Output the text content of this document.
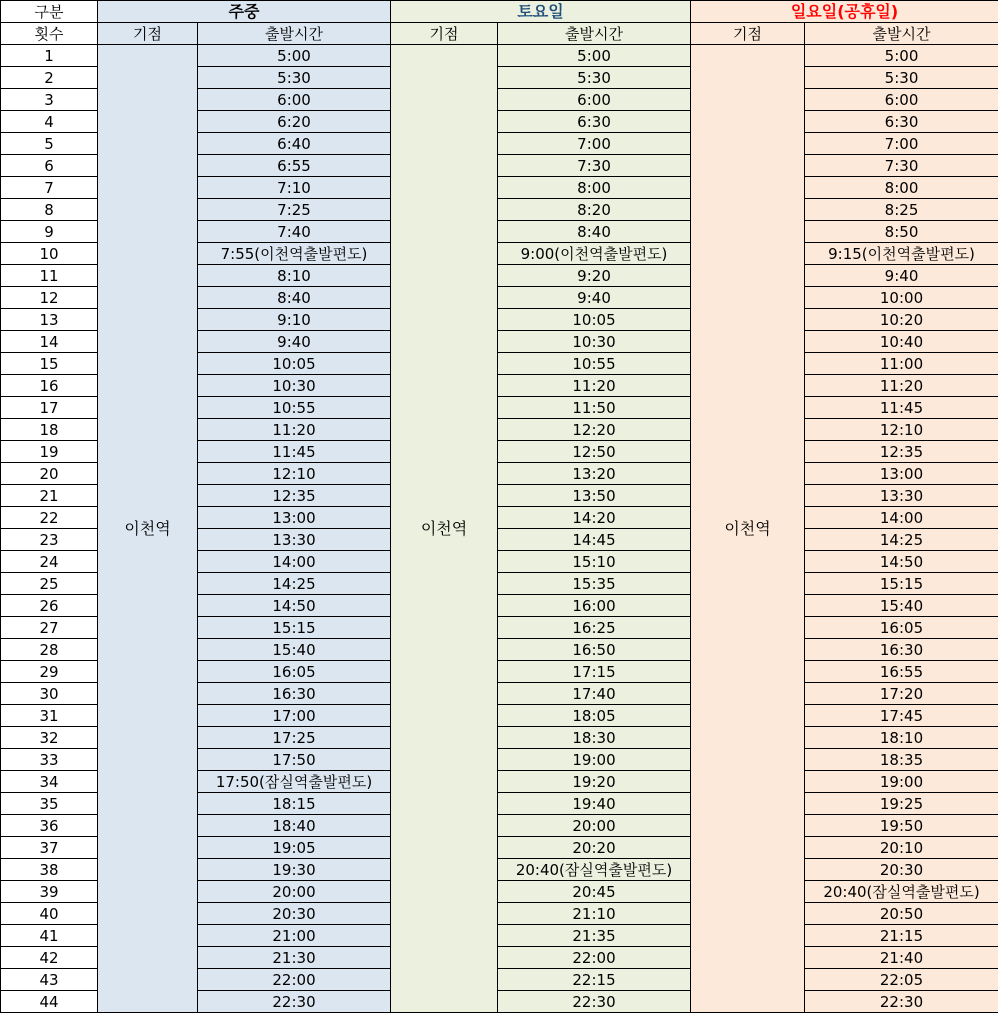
구분	주중		토요일		일요일(공휴일)	
횟수	기점	출발시간	기점	출발시간	기점	출발시간
1	이천역	5:00	이천역	5:00	이천역	5:00
2		5:30		5:30		5:30
3		6:00		6:00		6:00
4		6:20		6:30		6:30
5		6:40		7:00		7:00
6		6:55		7:30		7:30
7		7:10		8:00		8:00
8		7:25		8:20		8:25
9		7:40		8:40		8:50
10		7:55(이천역출발편도)		9:00(이천역출발편도)		9:15(이천역출발편도)
11		8:10		9:20		9:40
12		8:40		9:40		10:00
13		9:10		10:05		10:20
14		9:40		10:30		10:40
15		10:05		10:55		11:00
16		10:30		11:20		11:20
17		10:55		11:50		11:45
18		11:20		12:20		12:10
19		11:45		12:50		12:35
20		12:10		13:20		13:00
21		12:35		13:50		13:30
22		13:00		14:20		14:00
23		13:30		14:45		14:25
24		14:00		15:10		14:50
25		14:25		15:35		15:15
26		14:50		16:00		15:40
27		15:15		16:25		16:05
28		15:40		16:50		16:30
29		16:05		17:15		16:55
30		16:30		17:40		17:20
31		17:00		18:05		17:45
32		17:25		18:30		18:10
33		17:50		19:00		18:35
34		17:50(잠실역출발편도)		19:20		19:00
35		18:15		19:40		19:25
36		18:40		20:00		19:50
37		19:05		20:20		20:10
38		19:30		20:40(잠실역출발편도)		20:30
39		20:00		20:45		20:40(잠실역출발편도)
40		20:30		21:10		20:50
41		21:00		21:35		21:15
42		21:30		22:00		21:40
43		22:00		22:15		22:05
44		22:30		22:30		22:30
